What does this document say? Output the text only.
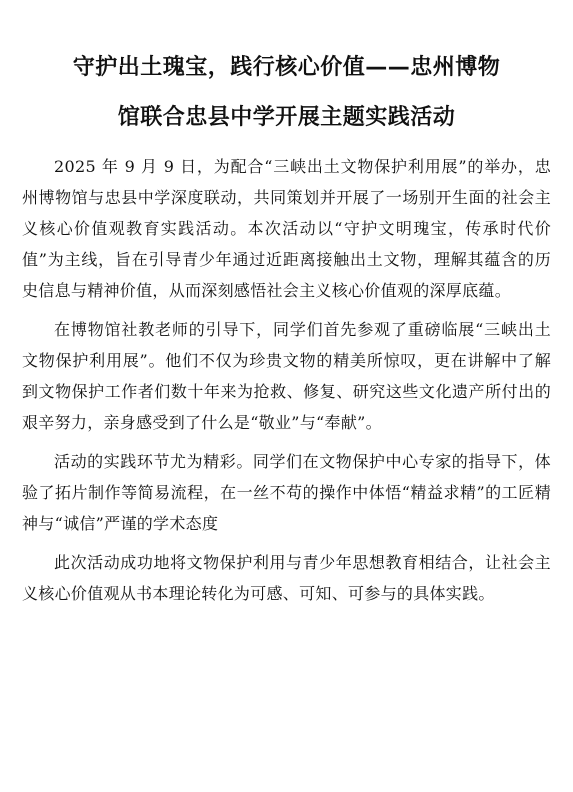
守护出土瑰宝，践行核心价值——忠州博物
馆联合忠县中学开展主题实践活动

2025 年 9 月 9 日，为配合“三峡出土文物保护利用展”的举办，忠州博物馆与忠县中学深度联动，共同策划并开展了一场别开生面的社会主义核心价值观教育实践活动。本次活动以“守护文明瑰宝，传承时代价值”为主线，旨在引导青少年通过近距离接触出土文物，理解其蕴含的历史信息与精神价值，从而深刻感悟社会主义核心价值观的深厚底蕴。

在博物馆社教老师的引导下，同学们首先参观了重磅临展“三峡出土文物保护利用展”。他们不仅为珍贵文物的精美所惊叹，更在讲解中了解到文物保护工作者们数十年来为抢救、修复、研究这些文化遗产所付出的艰辛努力，亲身感受到了什么是“敬业”与“奉献”。

活动的实践环节尤为精彩。同学们在文物保护中心专家的指导下，体验了拓片制作等简易流程，在一丝不苟的操作中体悟“精益求精”的工匠精神与“诚信”严谨的学术态度

此次活动成功地将文物保护利用与青少年思想教育相结合，让社会主义核心价值观从书本理论转化为可感、可知、可参与的具体实践。
